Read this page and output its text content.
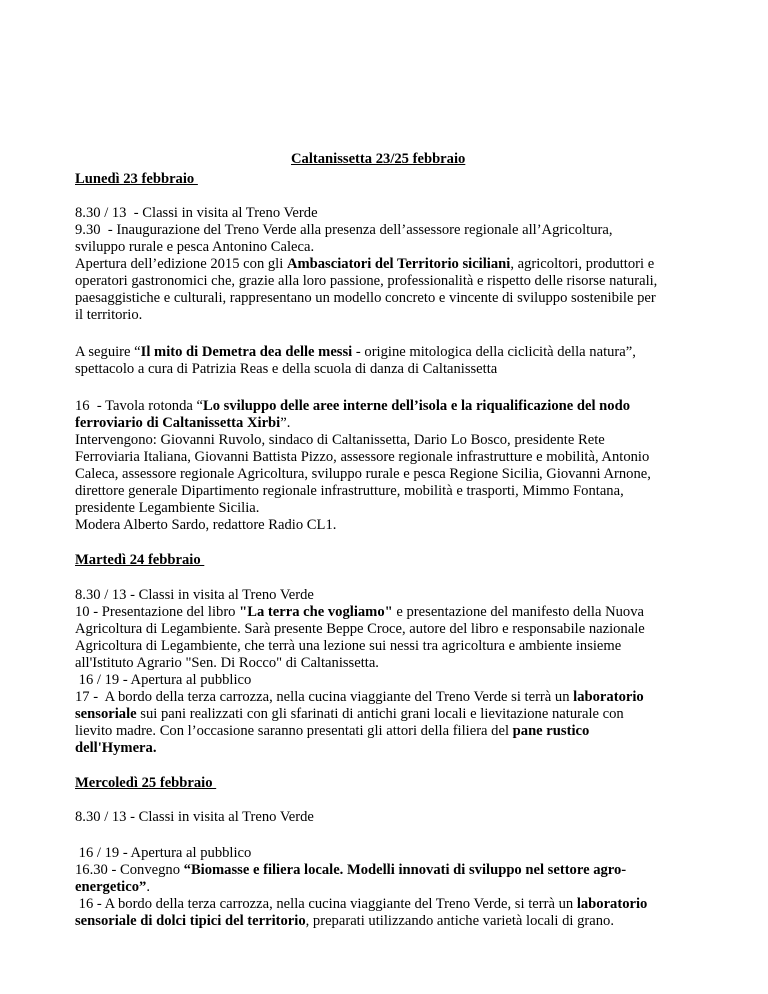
Caltanissetta 23/25 febbraio
Lunedì 23 febbraio
8.30 / 13  - Classi in visita al Treno Verde
9.30  - Inaugurazione del Treno Verde alla presenza dell’assessore regionale all’Agricoltura,
sviluppo rurale e pesca Antonino Caleca.
Apertura dell’edizione 2015 con gli Ambasciatori del Territorio siciliani, agricoltori, produttori e
operatori gastronomici che, grazie alla loro passione, professionalità e rispetto delle risorse naturali,
paesaggistiche e culturali, rappresentano un modello concreto e vincente di sviluppo sostenibile per
il territorio.
A seguire “Il mito di Demetra dea delle messi - origine mitologica della ciclicità della natura”,
spettacolo a cura di Patrizia Reas e della scuola di danza di Caltanissetta
16  - Tavola rotonda “Lo sviluppo delle aree interne dell’isola e la riqualificazione del nodo
ferroviario di Caltanissetta Xirbi”.
Intervengono: Giovanni Ruvolo, sindaco di Caltanissetta, Dario Lo Bosco, presidente Rete
Ferroviaria Italiana, Giovanni Battista Pizzo, assessore regionale infrastrutture e mobilità, Antonio
Caleca, assessore regionale Agricoltura, sviluppo rurale e pesca Regione Sicilia, Giovanni Arnone,
direttore generale Dipartimento regionale infrastrutture, mobilità e trasporti, Mimmo Fontana,
presidente Legambiente Sicilia.
Modera Alberto Sardo, redattore Radio CL1.
Martedì 24 febbraio
8.30 / 13 - Classi in visita al Treno Verde
10 - Presentazione del libro "La terra che vogliamo" e presentazione del manifesto della Nuova
Agricoltura di Legambiente. Sarà presente Beppe Croce, autore del libro e responsabile nazionale
Agricoltura di Legambiente, che terrà una lezione sui nessi tra agricoltura e ambiente insieme
all'Istituto Agrario "Sen. Di Rocco" di Caltanissetta.
16 / 19 - Apertura al pubblico
17 -  A bordo della terza carrozza, nella cucina viaggiante del Treno Verde si terrà un laboratorio
sensoriale sui pani realizzati con gli sfarinati di antichi grani locali e lievitazione naturale con
lievito madre. Con l’occasione saranno presentati gli attori della filiera del pane rustico
dell'Hymera.
Mercoledì 25 febbraio
8.30 / 13 - Classi in visita al Treno Verde
16 / 19 - Apertura al pubblico
16.30 - Convegno “Biomasse e filiera locale. Modelli innovati di sviluppo nel settore agro-
energetico”.
16 - A bordo della terza carrozza, nella cucina viaggiante del Treno Verde, si terrà un laboratorio
sensoriale di dolci tipici del territorio, preparati utilizzando antiche varietà locali di grano.
